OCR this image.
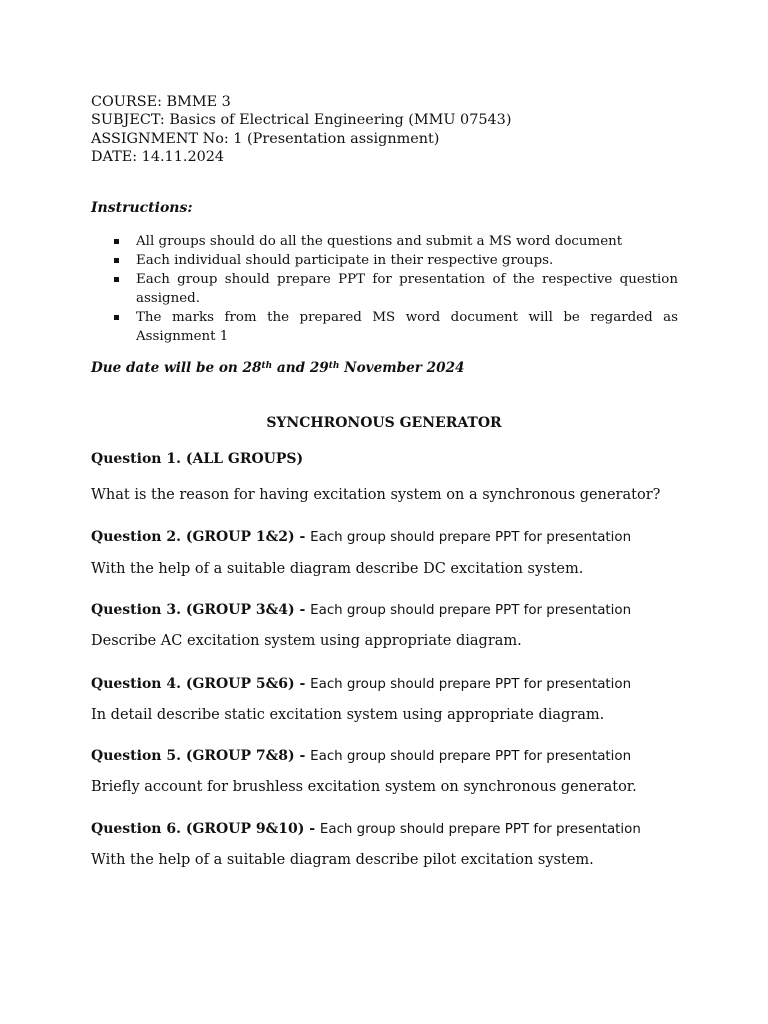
COURSE: BMME 3
SUBJECT: Basics of Electrical Engineering (MMU 07543)
ASSIGNMENT No: 1 (Presentation assignment)
DATE: 14.11.2024
Instructions:
All groups should do all the questions and submit a MS word document
Each individual should participate in their respective groups.
Each group should prepare PPT for presentation of the respective question assigned.
The marks from the prepared MS word document will be regarded as Assignment 1
Due date will be on 28th and 29th November 2024
SYNCHRONOUS GENERATOR
Question 1. (ALL GROUPS)
What is the reason for having excitation system on a synchronous generator?
Question 2. (GROUP 1&2) - Each group should prepare PPT for presentation
With the help of a suitable diagram describe DC excitation system.
Question 3. (GROUP 3&4) - Each group should prepare PPT for presentation
Describe AC excitation system using appropriate diagram.
Question 4. (GROUP 5&6) - Each group should prepare PPT for presentation
In detail describe static excitation system using appropriate diagram.
Question 5. (GROUP 7&8) - Each group should prepare PPT for presentation
Briefly account for brushless excitation system on synchronous generator.
Question 6. (GROUP 9&10) - Each group should prepare PPT for presentation
With the help of a suitable diagram describe pilot excitation system.
